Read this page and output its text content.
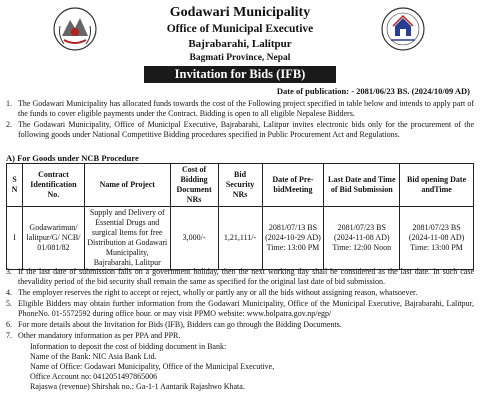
Godawari Municipality
Office of Municipal Executive
Bajrabarahi, Lalitpur
Bagmati Province, Nepal
Invitation for Bids (IFB)
Date of publication: - 2081/06/23 BS. (2024/10/09 AD)
1. The Godawari Municipality has allocated funds towards the cost of the Following project specified in table below and intends to apply part of the funds to cover eligible payments under the Contract. Bidding is open to all eligible Nepalese Bidders.
2. The Godawari Municipality, Office of Municipal Executive, Bajrabarahi, Lalitpur invites electronic bids only for the procurement of the following goods under National Competitive Bidding procedures specified in Public Procurement Act and Regulations.
A) For Goods under NCB Procedure
S N	Contract Identification No.	Name of Project	Cost of Bidding Document NRs	Bid Security NRs	Date of Pre-bidMeeting	Last Date and Time of Bid Submission	Bid opening Date andTime
I	Godawarimun/ lalitpur/G/ NCB/ 01/081/82	Supply and Delivery of Essential Drugs and surgical Items for free Distribution at Godawari Municipality, Bajrabarahi, Lalitpur	3,000/-	1,21,111/-	2081/07/13 BS (2024-10-29 AD) Time: 13:00 PM	2081/07/23 BS (2024-11-08 AD) Time: 12:00 Noon	2081/07/23 BS (2024-11-08 AD) Time: 13:00 PM
3. If the last date of submission falls on a government holiday, then the next working day shall be considered as the last date. In such case thevalidity period of the bid security shall remain the same as specified for the original last date of bid submission.
4. The employer reserves the right to accept or reject, wholly or partly any or all the bids without assigning reason, whatsoever.
5. Eligible Bidders may obtain further information from the Godawari Municipality, Office of the Municipal Executive, Bajrabarahi, Lalitpur, PhoneNo. 01-5572592 during office hour. or may visit PPMO website: www.bolpatra.gov.np/egp/
6. For more details about the Invitation for Bids (IFB), Bidders can go through the Bidding Documents.
7. Other mandatory information as per PPA and PPR.
Information to deposit the cost of bidding document in Bank:
Name of the Bank: NIC Asia Bank Ltd.
Name of Office: Godawari Municipality, Office of the Municipal Executive,
Office Account no: 0412051497865006
Rajaswa (revenue) Shirshak no.: Ga-1-1 Aantarik Rajashwo Khata.
